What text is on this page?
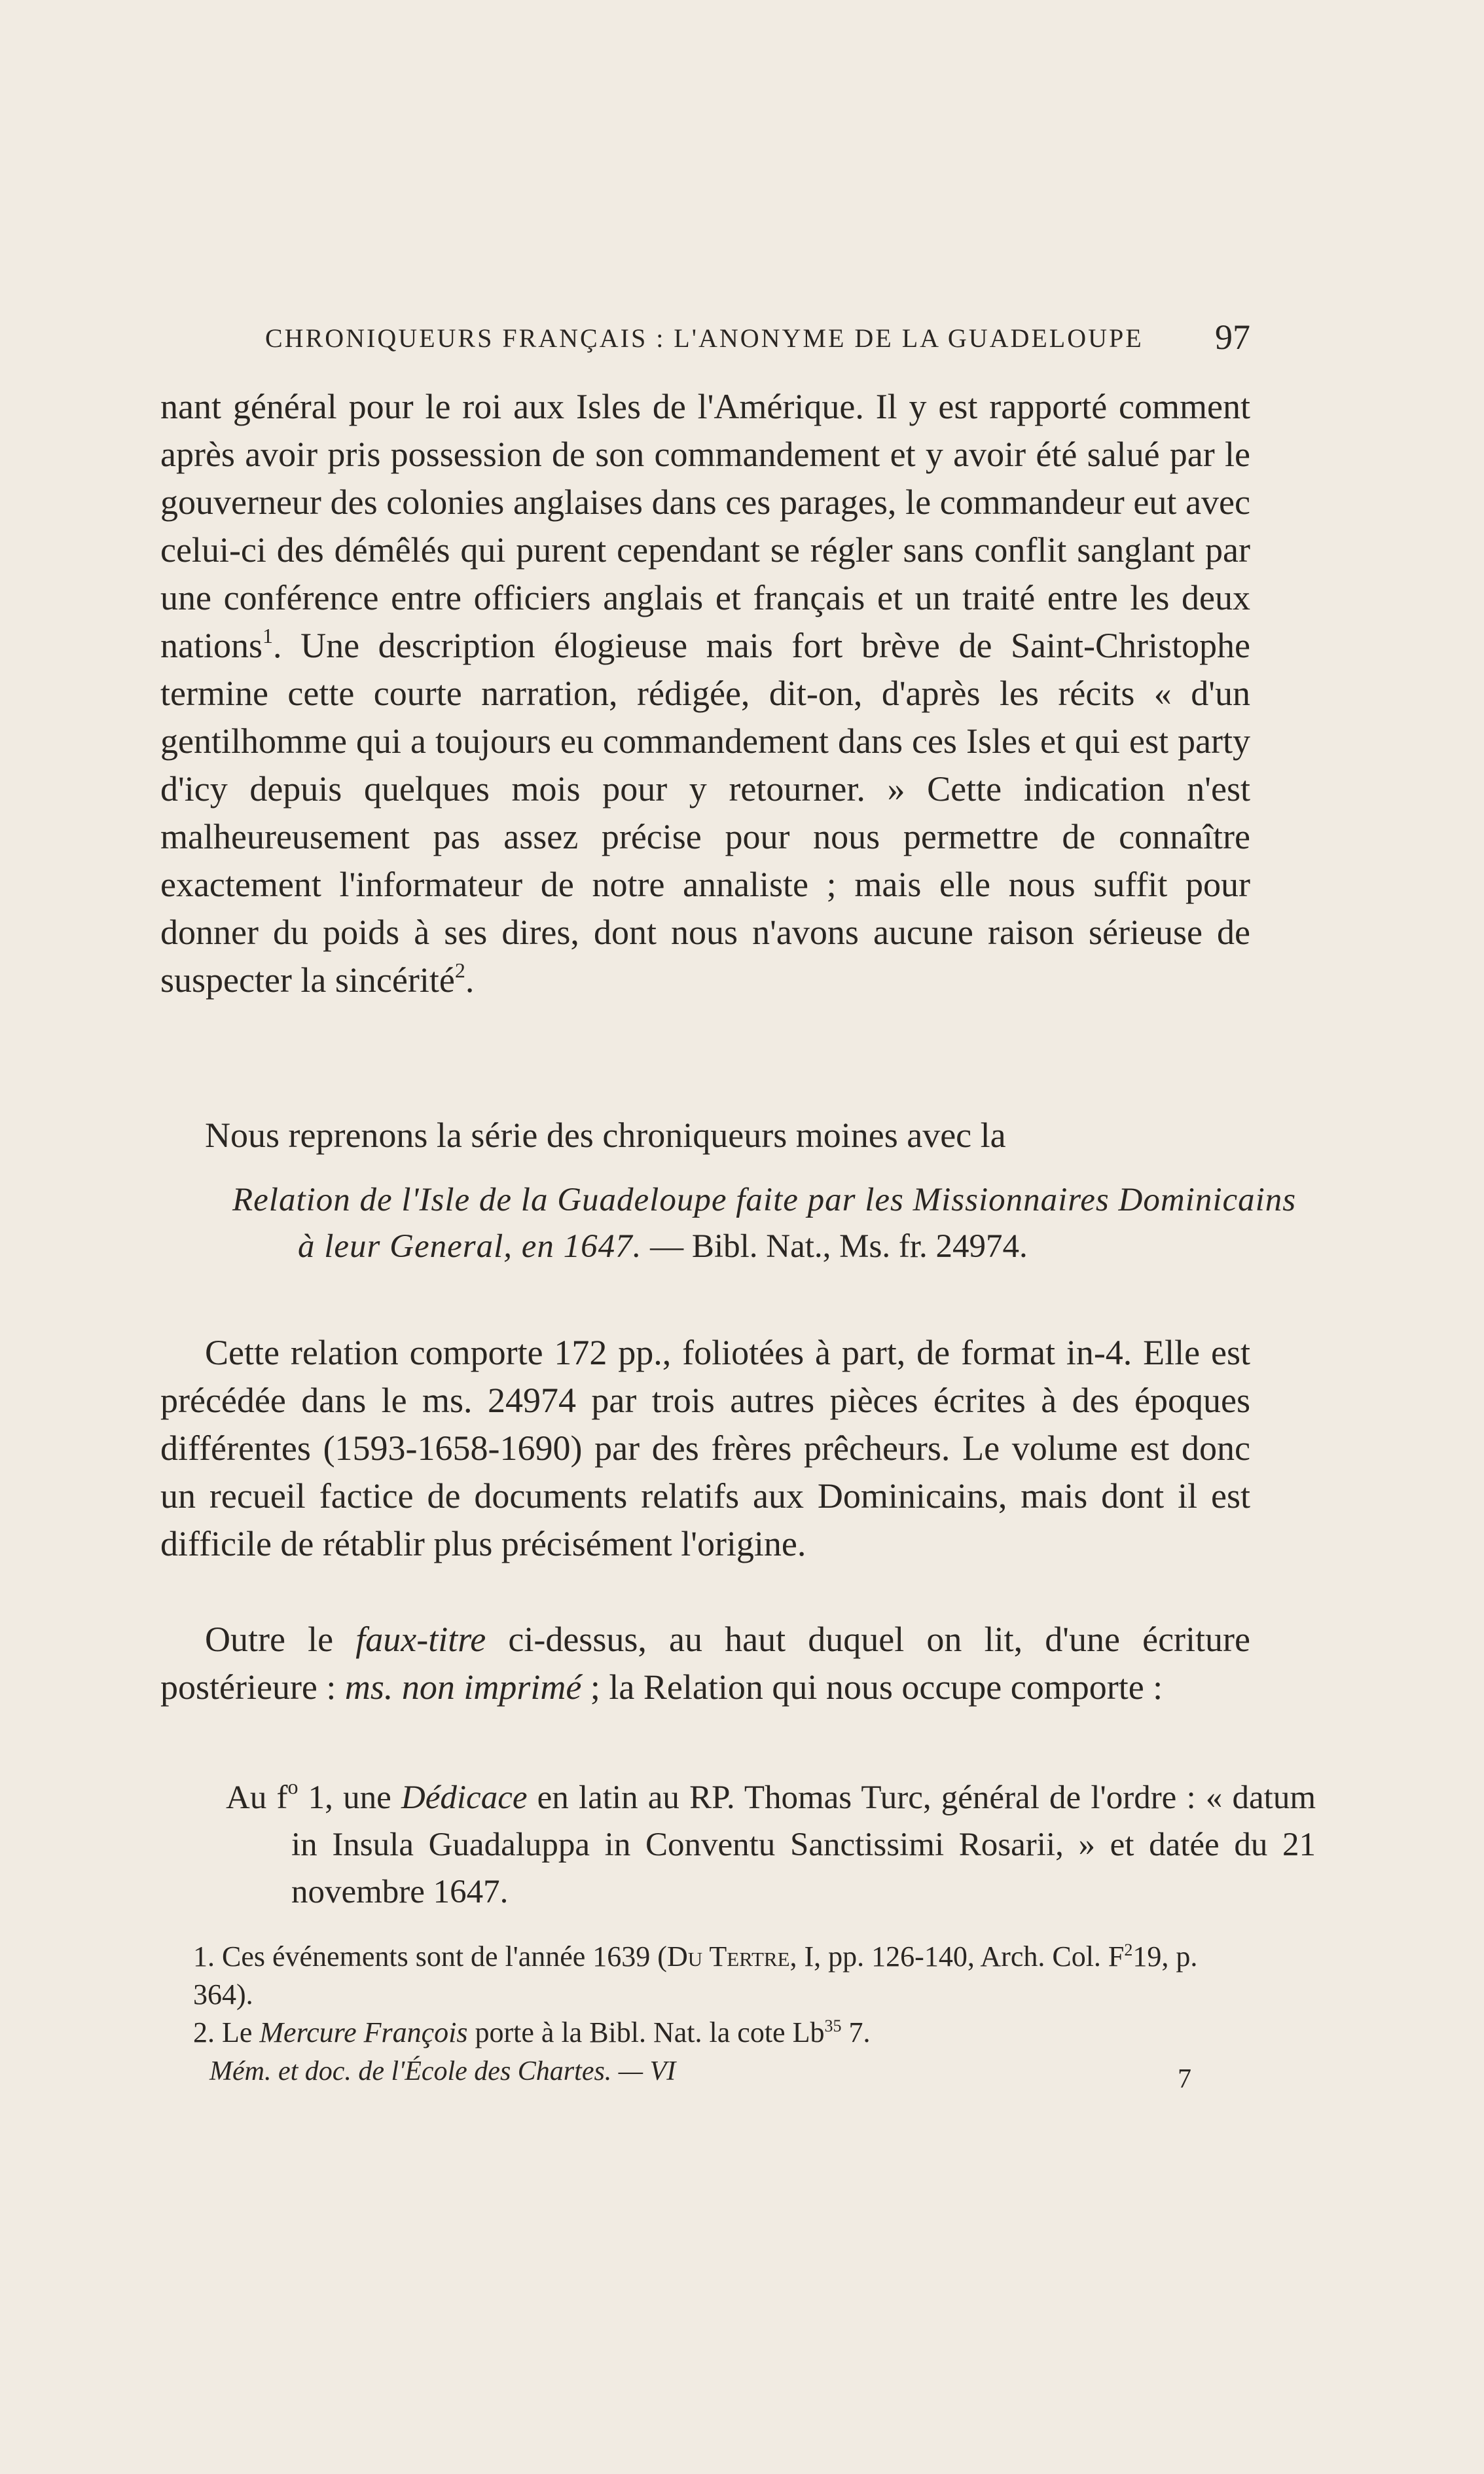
CHRONIQUEURS FRANÇAIS : L'ANONYME DE LA GUADELOUPE 97

nant général pour le roi aux Isles de l'Amérique. Il y est rapporté comment après avoir pris possession de son commandement et y avoir été salué par le gouverneur des colonies anglaises dans ces parages, le commandeur eut avec celui-ci des démêlés qui purent cependant se régler sans conflit sanglant par une conférence entre officiers anglais et français et un traité entre les deux nations$^1$. Une description élogieuse mais fort brève de Saint-Christophe termine cette courte narration, rédigée, dit-on, d'après les récits « d'un gentilhomme qui a toujours eu commandement dans ces Isles et qui est party d'icy depuis quelques mois pour y retourner. » Cette indication n'est malheureusement pas assez précise pour nous permettre de connaître exactement l'informateur de notre annaliste ; mais elle nous suffit pour donner du poids à ses dires, dont nous n'avons aucune raison sérieuse de suspecter la sincérité$^2$.

Nous reprenons la série des chroniqueurs moines avec la

Relation de l'Isle de la Guadeloupe faite par les Missionnaires Dominicains à leur General, en 1647. — Bibl. Nat., Ms. fr. 24974.

Cette relation comporte 172 pp., foliotées à part, de format in-4. Elle est précédée dans le ms. 24974 par trois autres pièces écrites à des époques différentes (1593-1658-1690) par des frères prêcheurs. Le volume est donc un recueil factice de documents relatifs aux Dominicains, mais dont il est difficile de rétablir plus précisément l'origine.

Outre le faux-titre ci-dessus, au haut duquel on lit, d'une écriture postérieure : ms. non imprimé ; la Relation qui nous occupe comporte :

Au $f^o$ 1, une Dédicace en latin au RP. Thomas Turc, général de l'ordre : « datum in Insula Guadaluppa in Conventu Sanctissimi Rosarii, » et datée du 21 novembre 1647.

1. Ces événements sont de l'année 1639 (Du Tertre, I, pp. 126-140, Arch. Col. $F^219$, p. 364).

2. Le Mercure François porte à la Bibl. Nat. la cote Lb$^{35}$ 7.

Mém. et doc. de l'École des Chartes. — VI	7
